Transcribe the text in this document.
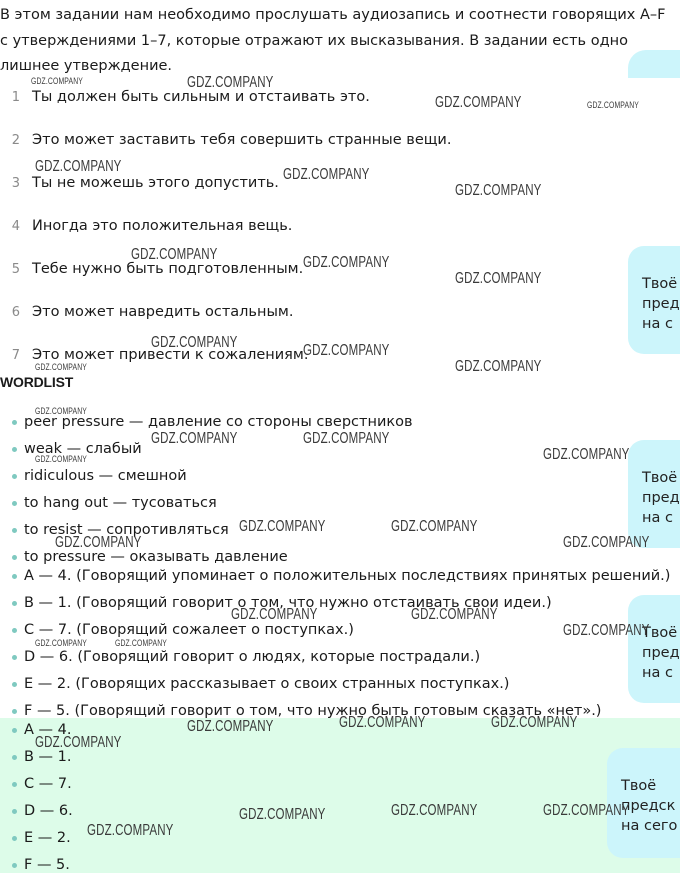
В этом задании нам необходимо прослушать аудиозапись и соотнести говорящих A–F с утверждениями 1–7, которые отражают их высказывания. В задании есть одно лишнее утверждение.

1 Ты должен быть сильным и отстаивать это.
2 Это может заставить тебя совершить странные вещи.
3 Ты не можешь этого допустить.
4 Иногда это положительная вещь.
5 Тебе нужно быть подготовленным.
6 Это может навредить остальным.
7 Это может привести к сожалениям.
WORDLIST
peer pressure — давление со стороны сверстников
weak — слабый
ridiculous — смешной
to hang out — тусоваться
to resist — сопротивляться
to pressure — оказывать давление
A — 4. (Говорящий упоминает о положительных последствиях принятых решений.)
B — 1. (Говорящий говорит о том, что нужно отстаивать свои идеи.)
C — 7. (Говорящий сожалеет о поступках.)
D — 6. (Говорящий говорит о людях, которые пострадали.)
E — 2. (Говорящих рассказывает о своих странных поступках.)
F — 5. (Говорящий говорит о том, что нужно быть готовым сказать «нет».)
A — 4.
B — 1.
C — 7.
D — 6.
E — 2.
F — 5.
Твоё
пред
на с
Твоё
пред
на с
Твоё
пред
на с
Твоё
предск
на сего
GDZ.COMPANY	GDZ.COMPANY
GDZ.COMPANY	GDZ.COMPANY
GDZ.COMPANY	GDZ.COMPANY
GDZ.COMPANY
GDZ.COMPANY	GDZ.COMPANY
GDZ.COMPANY
GDZ.COMPANY	GDZ.COMPANY
GDZ.COMPANY	GDZ.COMPANY
GDZ.COMPANY
GDZ.COMPANY	GDZ.COMPANY
GDZ.COMPANY	GDZ.COMPANY
GDZ.COMPANY	GDZ.COMPANY
GDZ.COMPANY	GDZ.COMPANY
GDZ.COMPANY	GDZ.COMPANY
GDZ.COMPANY
GDZ.COMPANY	GDZ.COMPANY
GDZ.COMPANY	GDZ.COMPANY	GDZ.COMPANY
GDZ.COMPANY
GDZ.COMPANY	GDZ.COMPANY	GDZ.COMPANY
GDZ.COMPANY
